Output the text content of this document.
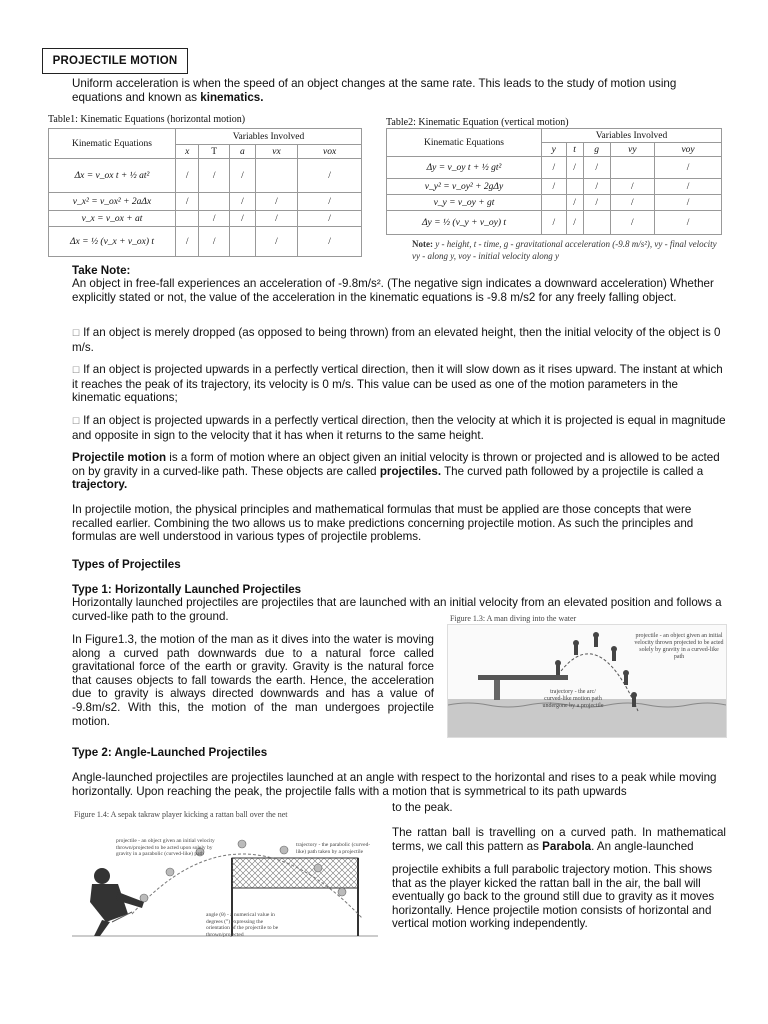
PROJECTILE MOTION
Uniform acceleration is when the speed of an object changes at the same rate. This leads to the study of motion using equations and known as kinematics.
Table1: Kinematic Equations (horizontal motion)
Kinematic Equations	Variables Involved				
	x	T	a	vx	vox
Δx = v_ox t + ½ at²	/	/	/		/
v_x² = v_ox² + 2aΔx	/		/	/	/
v_x = v_ox + at		/	/	/	/
Δx = ½ (v_x + v_ox) t	/	/		/	/
Table2: Kinematic Equation (vertical motion)
Kinematic Equations	Variables Involved				
	y	t	g	vy	voy
Δy = v_oy t + ½ gt²	/	/	/		/
v_y² = v_oy² + 2gΔy	/		/	/	/
v_y = v_oy + gt		/	/	/	/
Δy = ½ (v_y + v_oy) t	/	/		/	/
Note: y - height, t - time, g - gravitational acceleration (-9.8 m/s²), vy - final velocity vy - along y, voy - initial velocity along y
Take Note:
An object in free-fall experiences an acceleration of -9.8m/s². (The negative sign indicates a downward acceleration) Whether explicitly stated or not, the value of the acceleration in the kinematic equations is -9.8 m/s2 for any freely falling object.
☐ If an object is merely dropped (as opposed to being thrown) from an elevated height, then the initial velocity of the object is 0 m/s.
☐ If an object is projected upwards in a perfectly vertical direction, then it will slow down as it rises upward. The instant at which it reaches the peak of its trajectory, its velocity is 0 m/s. This value can be used as one of the motion parameters in the kinematic equations;
☐ If an object is projected upwards in a perfectly vertical direction, then the velocity at which it is projected is equal in magnitude and opposite in sign to the velocity that it has when it returns to the same height.
Projectile motion is a form of motion where an object given an initial velocity is thrown or projected and is allowed to be acted on by gravity in a curved-like path. These objects are called projectiles. The curved path followed by a projectile is called a trajectory.
In projectile motion, the physical principles and mathematical formulas that must be applied are those concepts that were recalled earlier. Combining the two allows us to make predictions concerning projectile motion. As such the principles and formulas are well understood in various types of projectile problems.
Types of Projectiles
Type 1: Horizontally Launched Projectiles
Horizontally launched projectiles are projectiles that are launched with an initial velocity from an elevated position and follows a curved-like path to the ground.
In Figure1.3, the motion of the man as it dives into the water is moving along a curved path downwards due to a natural force called gravitational force of the earth or gravity. Gravity is the natural force that causes objects to fall towards the earth. Hence, the acceleration due to gravity is always directed downwards and has a value of -9.8m/s2. With this, the motion of the man undergoes projectile motion.
Figure 1.3: A man diving into the water
projectile - an object given an initial velocity thrown projected to be acted solely by gravity in a curved-like path
trajectory - the arc/ curved-like motion path undergone by a projectile
Type 2: Angle-Launched Projectiles
Angle-launched projectiles are projectiles launched at an angle with respect to the horizontal and rises to a peak while moving horizontally. Upon reaching the peak, the projectile falls with a motion that is symmetrical to its path upwards
to the peak.
Figure 1.4: A sepak takraw player kicking a rattan ball over the net
projectile - an object given an initial velocity thrown/projected to be acted upon solely by gravity in a parabolic (curved-like) path
trajectory - the parabolic (curved-like) path taken by a projectile
angle (θ) - a numerical value in degrees (°) expressing the orientation of the projectile to be thrown/projected
The rattan ball is travelling on a curved path. In mathematical terms, we call this pattern as Parabola. An angle-launched
projectile exhibits a full parabolic trajectory motion. This shows that as the player kicked the rattan ball in the air, the ball will eventually go back to the ground still due to gravity as it moves horizontally. Hence projectile motion consists of horizontal and vertical motion working independently.
